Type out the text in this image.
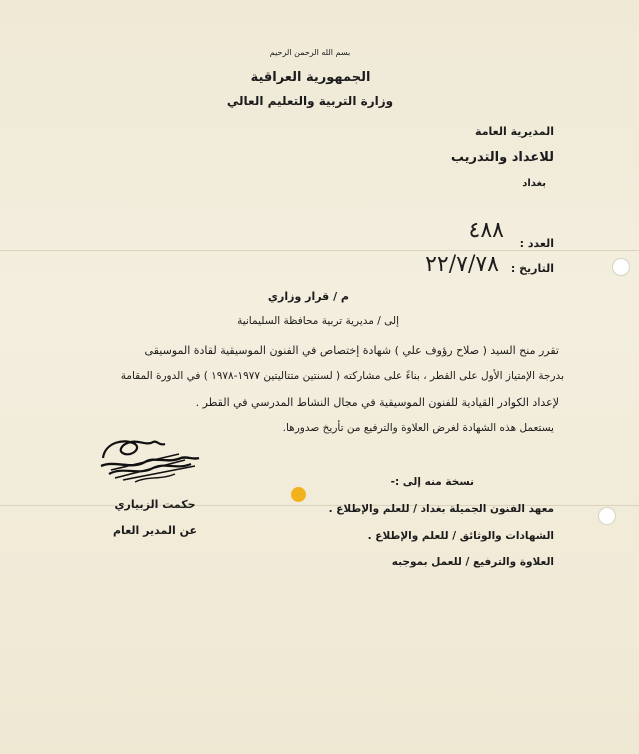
بسم الله الرحمن الرحيم
الجمهورية العراقية
وزارة التربية والتعليم العالي
المديرية العامة
للاعداد والتدريب
بغداد
العدد :
٤٨٨
التاريخ :
٢٢/٧/٧٨
م / قرار وزاري
إلى / مديرية تربية محافظة السليمانية
تقرر منح السيد ( صلاح رؤوف علي ) شهادة إختصاص في الفنون الموسيقية لقادة الموسيقى
بدرجة الإمتياز الأول على القطر ، بناءً على مشاركته ( لسنتين متتاليتين ١٩٧٧-١٩٧٨ ) في الدورة المقامة
لإعداد الكوادر القيادية للفنون الموسيقية في مجال النشاط المدرسي في القطر .
يستعمل هذه الشهادة لغرض العلاوة والترفيع من تأريخ صدورها.
حكمت الزبياري
عن المدير العام
نسخة منه إلى :-
معهد الفنون الجميلة بغداد / للعلم والإطلاع .
الشهادات والوثائق / للعلم والإطلاع .
العلاوة والترفيع / للعمل بموجبه
